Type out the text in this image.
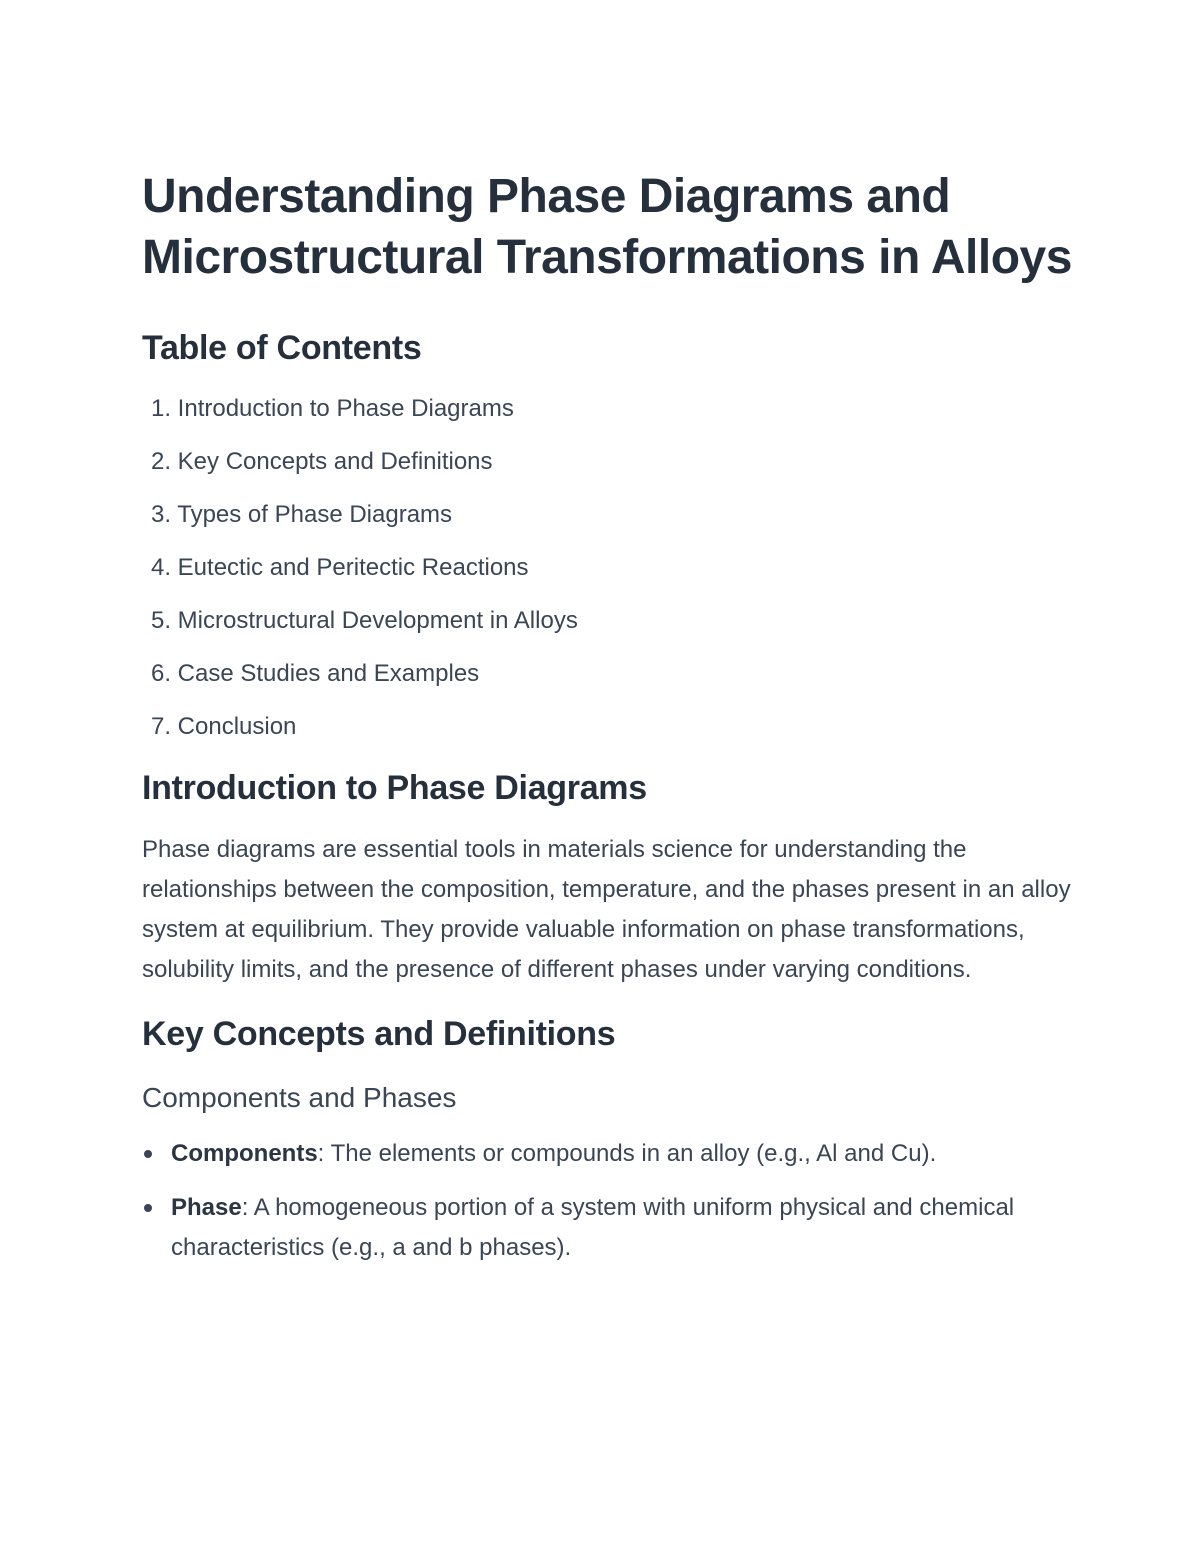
Understanding Phase Diagrams and Microstructural Transformations in Alloys
Table of Contents
1. Introduction to Phase Diagrams
2. Key Concepts and Definitions
3. Types of Phase Diagrams
4. Eutectic and Peritectic Reactions
5. Microstructural Development in Alloys
6. Case Studies and Examples
7. Conclusion
Introduction to Phase Diagrams

Phase diagrams are essential tools in materials science for understanding the relationships between the composition, temperature, and the phases present in an alloy system at equilibrium. They provide valuable information on phase transformations, solubility limits, and the presence of different phases under varying conditions.

Key Concepts and Definitions
Components and Phases
Components: The elements or compounds in an alloy (e.g., Al and Cu).
Phase: A homogeneous portion of a system with uniform physical and chemical characteristics (e.g., a and b phases).
